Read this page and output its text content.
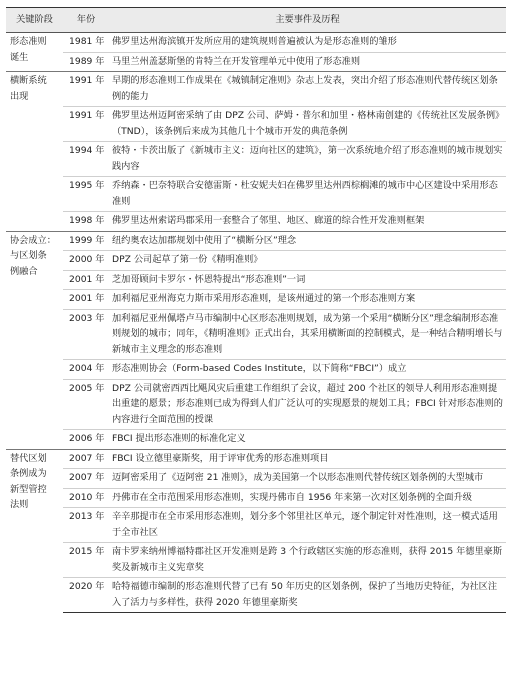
关键阶段	年份	主要事件及历程
形态准则
诞生	1981 年	佛罗里达州海滨镇开发所应用的建筑规则普遍被认为是形态准则的雏形
	1989 年	马里兰州盖瑟斯堡的肯特兰在开发管理单元中使用了形态准则
横断系统
出现	1991 年	早期的形态准则工作成果在《城镇制定准则》杂志上发表，突出介绍了形态准则代替传统区划条例的能力
	1991 年	佛罗里达州迈阿密采纳了由 DPZ 公司、萨姆・普尔和加里・格林南创建的《传统社区发展条例》（TND），该条例后来成为其他几十个城市开发的典范条例
	1994 年	彼特・卡茨出版了《新城市主义：迈向社区的建筑》，第一次系统地介绍了形态准则的城市规划实践内容
	1995 年	乔纳森・巴奈特联合安德雷斯・杜安妮夫妇在佛罗里达州西棕榈滩的城市中心区建设中采用形态准则
	1998 年	佛罗里达州索诺玛郡采用一套整合了邻里、地区、廊道的综合性开发准则框架
协会成立：
与区划条
例融合	1999 年	纽约奥农达加郡规划中使用了“横断分区”理念
	2000 年	DPZ 公司起草了第一份《精明准则》
	2001 年	芝加哥顾问卡罗尔・怀恩特提出“形态准则”一词
	2001 年	加利福尼亚州海克力斯市采用形态准则，是该州通过的第一个形态准则方案
	2003 年	加利福尼亚州佩塔卢马市编制中心区形态准则规划，成为第一个采用“横断分区”理念编制形态准则规划的城市；同年，《精明准则》正式出台，其采用横断面的控制模式，是一种结合精明增长与新城市主义理念的形态准则
	2004 年	形态准则协会（Form-based Codes Institute，以下简称“FBCI”）成立
	2005 年	DPZ 公司就密西西比飓风灾后重建工作组织了会议，超过 200 个社区的领导人利用形态准则提出重建的愿景；形态准则已成为得到人们广泛认可的实现愿景的规划工具；FBCI 针对形态准则的内容进行全面范围的授课
	2006 年	FBCI 提出形态准则的标准化定义
替代区划
条例成为
新型管控
法则	2007 年	FBCI 设立德里豪斯奖，用于评审优秀的形态准则项目
	2007 年	迈阿密采用了《迈阿密 21 准则》，成为美国第一个以形态准则代替传统区划条例的大型城市
	2010 年	丹佛市在全市范围采用形态准则，实现丹佛市自 1956 年来第一次对区划条例的全面升级
	2013 年	辛辛那提市在全市采用形态准则，划分多个邻里社区单元，逐个制定针对性准则，这一模式适用于全市社区
	2015 年	南卡罗来纳州博福特郡社区开发准则是跨 3 个行政辖区实施的形态准则，获得 2015 年德里豪斯奖及新城市主义宪章奖
	2020 年	哈特福德市编制的形态准则代替了已有 50 年历史的区划条例，保护了当地历史特征，为社区注入了活力与多样性，获得 2020 年德里豪斯奖
